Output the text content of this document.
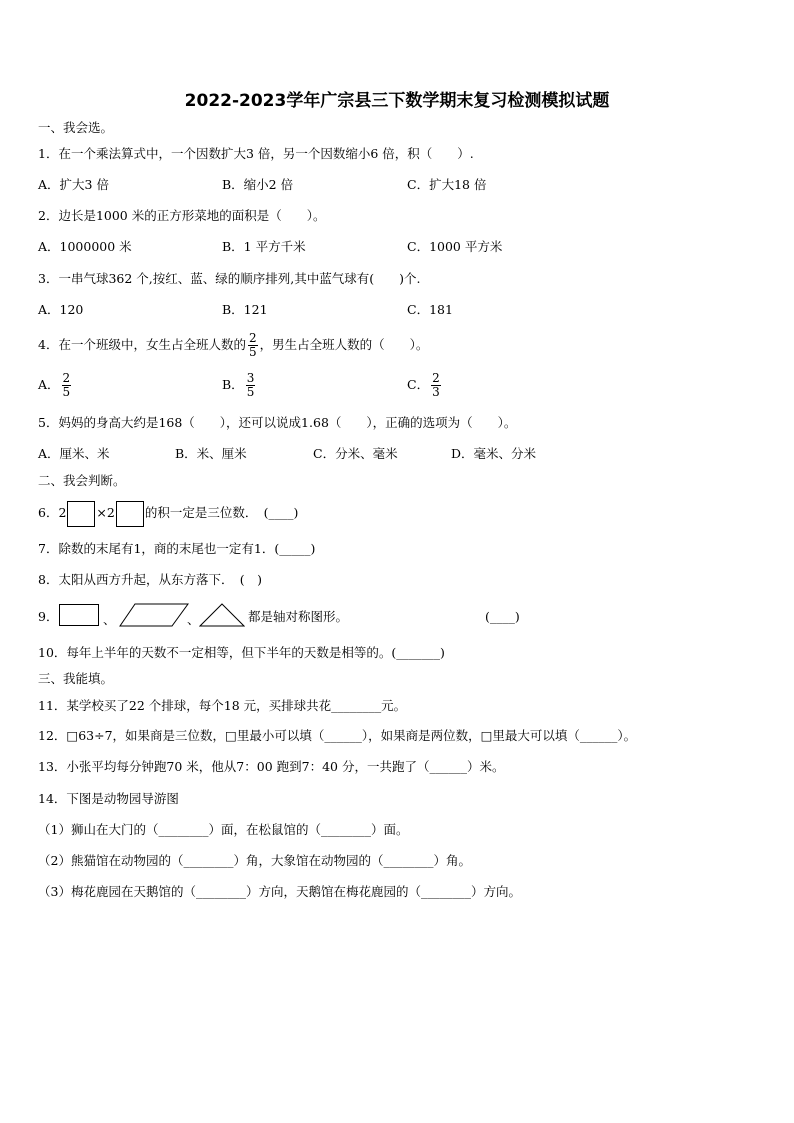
2022-2023学年广宗县三下数学期末复习检测模拟试题
一、我会选。
1．在一个乘法算式中，一个因数扩大3 倍，另一个因数缩小6 倍，积（　　）.
A．扩大3 倍	B．缩小2 倍	C．扩大18 倍
2．边长是1000 米的正方形菜地的面积是（　　）。
A．1000000 米	B．1 平方千米	C．1000 平方米
3．一串气球362 个,按红、蓝、绿的顺序排列,其中蓝气球有(　　)个.
A．120	B．121	C．181
4．在一个班级中，女生占全班人数的 $\frac{2}{5}$ ，男生占全班人数的（　　）。
A． $\frac{2}{5}$	B． $\frac{3}{5}$	C． $\frac{2}{3}$
5．妈妈的身高大约是168（　　），还可以说成1.68（　　），正确的选项为（　　）。
A．厘米、米	B．米、厘米	C．分米、毫米	D．毫米、分米
二、我会判断。
6．2 ×2 的积一定是三位数．　(____)
7．除数的末尾有1，商的末尾也一定有1．(_____)
8．太阳从西方升起，从东方落下．　(　)
9．	、	、	都是轴对称图形。	(____)
10．每年上半年的天数不一定相等，但下半年的天数是相等的。(_______)
三、我能填。
11．某学校买了22 个排球，每个18 元，买排球共花________元。
12．□63÷7，如果商是三位数，□里最小可以填（______），如果商是两位数，□里最大可以填（______）。
13．小张平均每分钟跑70 米，他从7：00 跑到7：40 分，一共跑了（______）米。
14．下图是动物园导游图
（1）狮山在大门的（________）面，在松鼠馆的（________）面。
（2）熊猫馆在动物园的（________）角，大象馆在动物园的（________）角。
（3）梅花鹿园在天鹅馆的（________）方向，天鹅馆在梅花鹿园的（________）方向。
